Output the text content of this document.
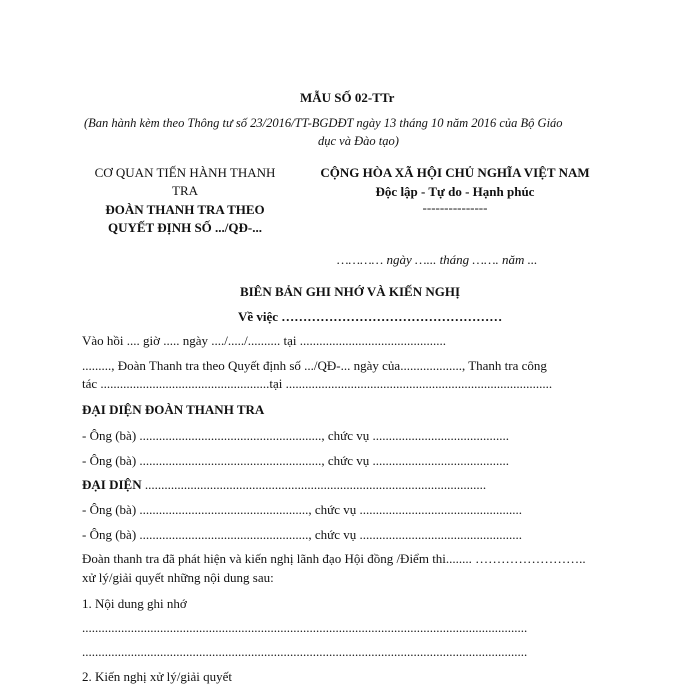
MẪU SỐ 02-TTr
(Ban hành kèm theo Thông tư số 23/2016/TT-BGDĐT ngày 13 tháng 10 năm 2016 của Bộ Giáo
dục và Đào tạo)
CƠ QUAN TIẾN HÀNH THANH
TRA
ĐOÀN THANH TRA THEO
QUYẾT ĐỊNH SỐ .../QĐ-...
CỘNG HÒA XÃ HỘI CHỦ NGHĨA VIỆT NAM
Độc lập - Tự do - Hạnh phúc
---------------
………… ngày …... tháng ……. năm ...
BIÊN BẢN GHI NHỚ VÀ KIẾN NGHỊ
Về việc ……………………………………………
Vào hồi .... giờ ..... ngày ..../...../.......... tại .............................................
........., Đoàn Thanh tra theo Quyết định số .../QĐ-... ngày của..................., Thanh tra công
tác ....................................................tại ..................................................................................
ĐẠI DIỆN ĐOÀN THANH TRA
- Ông (bà) ........................................................, chức vụ ..........................................
- Ông (bà) ........................................................, chức vụ ..........................................
ĐẠI DIỆN .........................................................................................................
- Ông (bà) ...................................................., chức vụ ..................................................
- Ông (bà) ...................................................., chức vụ ..................................................
Đoàn thanh tra đã phát hiện và kiến nghị lãnh đạo Hội đồng /Điểm thi........ ……………………..
xử lý/giải quyết những nội dung sau:
1. Nội dung ghi nhớ
.........................................................................................................................................
.........................................................................................................................................
2. Kiến nghị xử lý/giải quyết
